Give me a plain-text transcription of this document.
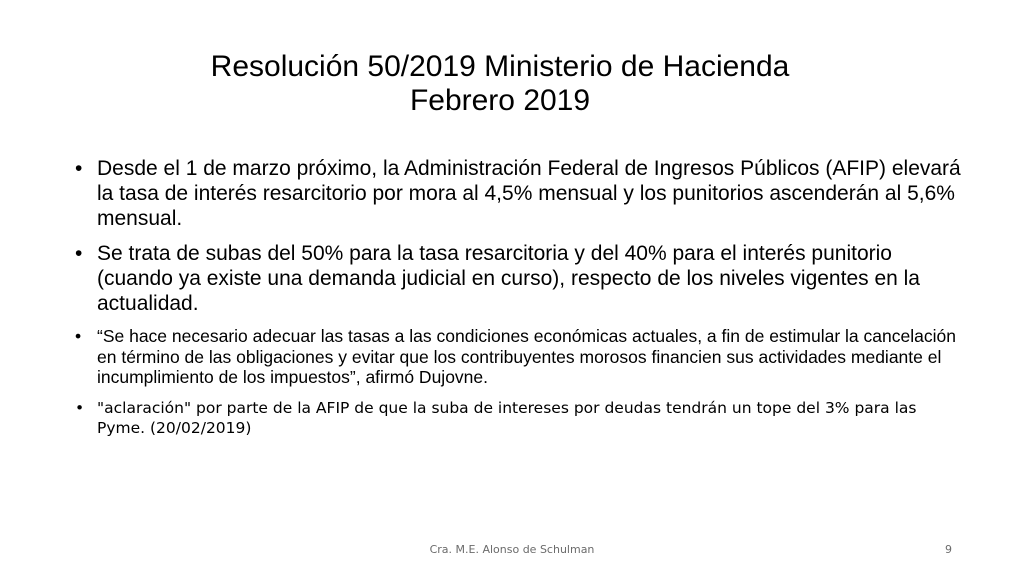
Resolución 50/2019 Ministerio de Hacienda
Febrero 2019
• Desde el 1 de marzo próximo, la Administración Federal de Ingresos Públicos (AFIP) elevará la tasa de interés resarcitorio por mora al 4,5% mensual y los punitorios ascenderán al 5,6% mensual.
• Se trata de subas del 50% para la tasa resarcitoria y del 40% para el interés punitorio (cuando ya existe una demanda judicial en curso), respecto de los niveles vigentes en la actualidad.
• “Se hace necesario adecuar las tasas a las condiciones económicas actuales, a fin de estimular la cancelación en término de las obligaciones y evitar que los contribuyentes morosos financien sus actividades mediante el incumplimiento de los impuestos”, afirmó Dujovne.
• "aclaración" por parte de la AFIP de que la suba de intereses por deudas tendrán un tope del 3% para las Pyme. (20/02/2019)
Cra. M.E. Alonso de Schulman	9
